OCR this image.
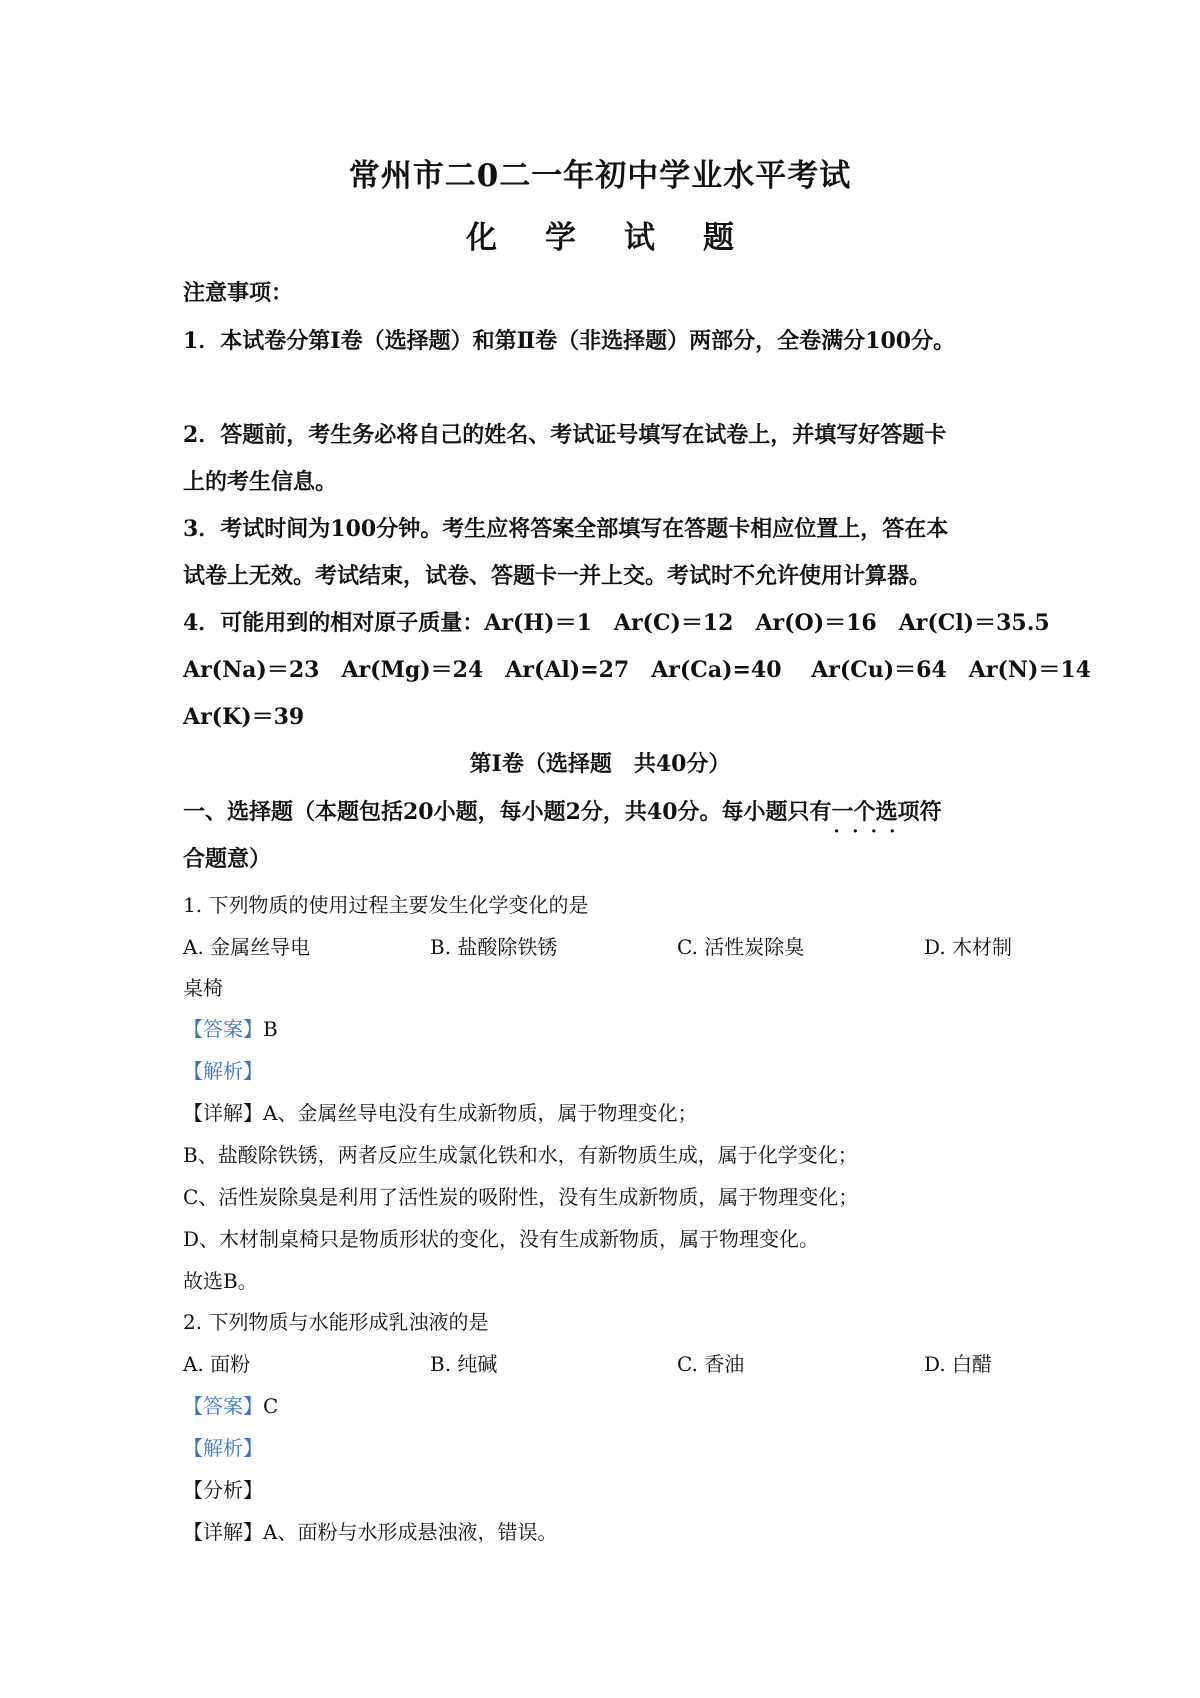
常州市二0二一年初中学业水平考试
化 学 试 题
注意事项：
1．本试卷分第Ⅰ卷（选择题）和第Ⅱ卷（非选择题）两部分，全卷满分100分。
2．答题前，考生务必将自己的姓名、考试证号填写在试卷上，并填写好答题卡
上的考生信息。
3．考试时间为100分钟。考生应将答案全部填写在答题卡相应位置上，答在本
试卷上无效。考试结束，试卷、答题卡一并上交。考试时不允许使用计算器。
4．可能用到的相对原子质量：Ar(H)＝1　Ar(C)＝12　Ar(O)＝16　Ar(Cl)＝35.5
Ar(Na)＝23　Ar(Mg)＝24　Ar(Al)=27　Ar(Ca)=40　 Ar(Cu)＝64　Ar(N)＝14
Ar(K)＝39
第Ⅰ卷（选择题　共40分）
一、选择题（本题包括20小题，每小题2分，共40分。每小题只有一个选项 · · · ·符
合题意）
1. 下列物质的使用过程主要发生化学变化的是
A. 金属丝导电	B. 盐酸除铁锈	C. 活性炭除臭	D. 木材制
桌椅
【答案】B
【解析】
【详解】A、金属丝导电没有生成新物质，属于物理变化；
B、盐酸除铁锈，两者反应生成氯化铁和水，有新物质生成，属于化学变化；
C、活性炭除臭是利用了活性炭的吸附性，没有生成新物质，属于物理变化；
D、木材制桌椅只是物质形状的变化，没有生成新物质，属于物理变化。
故选B。
2. 下列物质与水能形成乳浊液的是
A. 面粉	B. 纯碱	C. 香油	D. 白醋
【答案】C
【解析】
【分析】
【详解】A、面粉与水形成悬浊液，错误。
